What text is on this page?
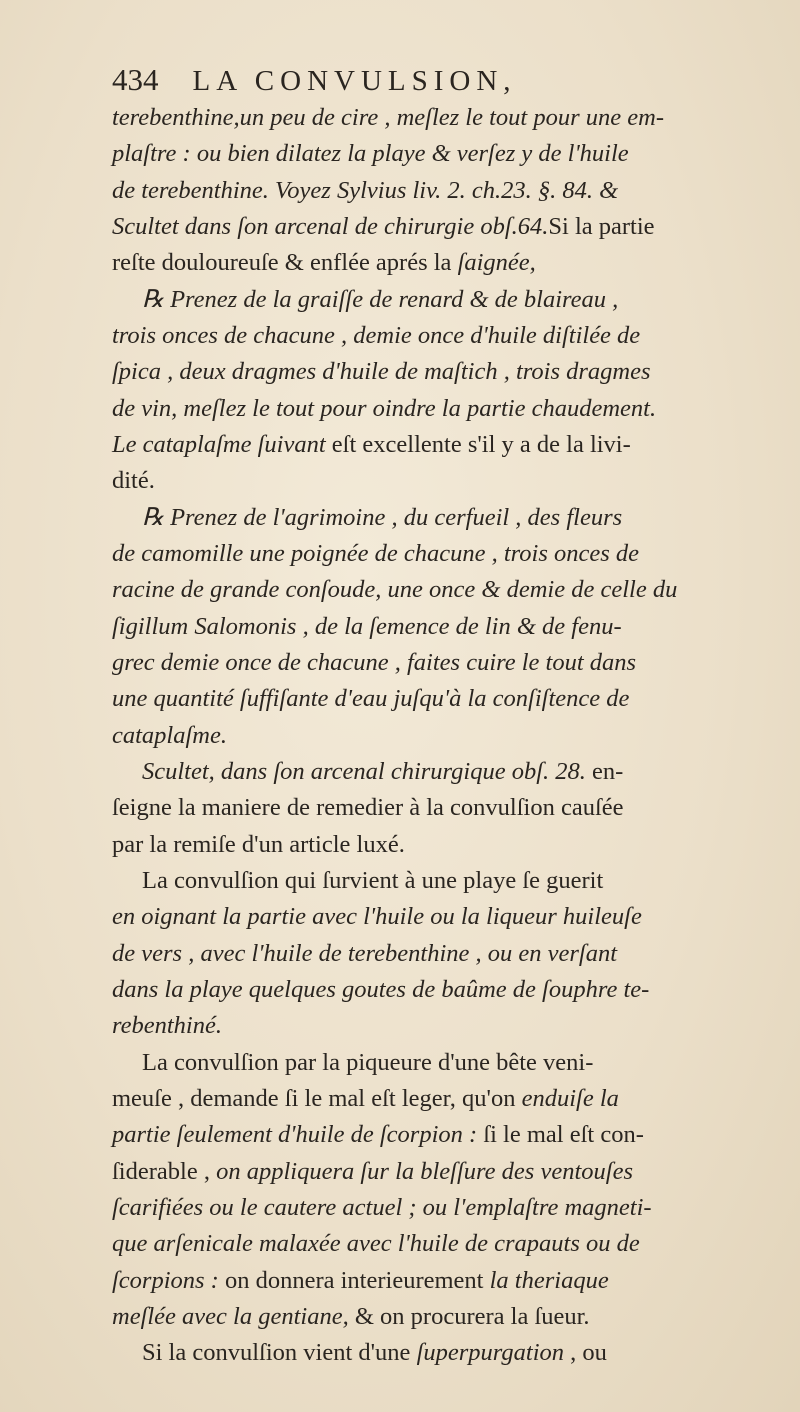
434 LA CONVULSION,
terebenthine,un peu de cire , meſlez le tout pour une em-
plaſtre : ou bien dilatez la playe & verſez y de l'huile
de terebenthine. Voyez Sylvius liv. 2. ch.23. §. 84. &
Scultet dans ſon arcenal de chirurgie obſ.64.Si la partie
reſte douloureuſe & enflée aprés la ſaignée,
℞ Prenez de la graiſſe de renard & de blaireau ,
trois onces de chacune , demie once d'huile diſtilée de
ſpica , deux dragmes d'huile de maſtich , trois dragmes
de vin, meſlez le tout pour oindre la partie chaudement.
Le cataplaſme ſuivant eſt excellente s'il y a de la livi-
dité.
℞ Prenez de l'agrimoine , du cerfueil , des fleurs
de camomille une poignée de chacune , trois onces de
racine de grande conſoude, une once & demie de celle du
ſigillum Salomonis , de la ſemence de lin & de fenu-
grec demie once de chacune , faites cuire le tout dans
une quantité ſuffiſante d'eau juſqu'à la conſiſtence de
cataplaſme.
Scultet, dans ſon arcenal chirurgique obſ. 28. en-
ſeigne la maniere de remedier à la convulſion cauſée
par la remiſe d'un article luxé.
La convulſion qui ſurvient à une playe ſe guerit
en oignant la partie avec l'huile ou la liqueur huileuſe
de vers , avec l'huile de terebenthine , ou en verſant
dans la playe quelques goutes de baûme de ſouphre te-
rebenthiné.
La convulſion par la piqueure d'une bête veni-
meuſe , demande ſi le mal eſt leger, qu'on enduiſe la
partie ſeulement d'huile de ſcorpion : ſi le mal eſt con-
ſiderable , on appliquera ſur la bleſſure des ventouſes
ſcarifiées ou le cautere actuel ; ou l'emplaſtre magneti-
que arſenicale malaxée avec l'huile de crapauts ou de
ſcorpions : on donnera interieurement la theriaque
meſlée avec la gentiane, & on procurera la ſueur.
Si la convulſion vient d'une ſuperpurgation , ou
